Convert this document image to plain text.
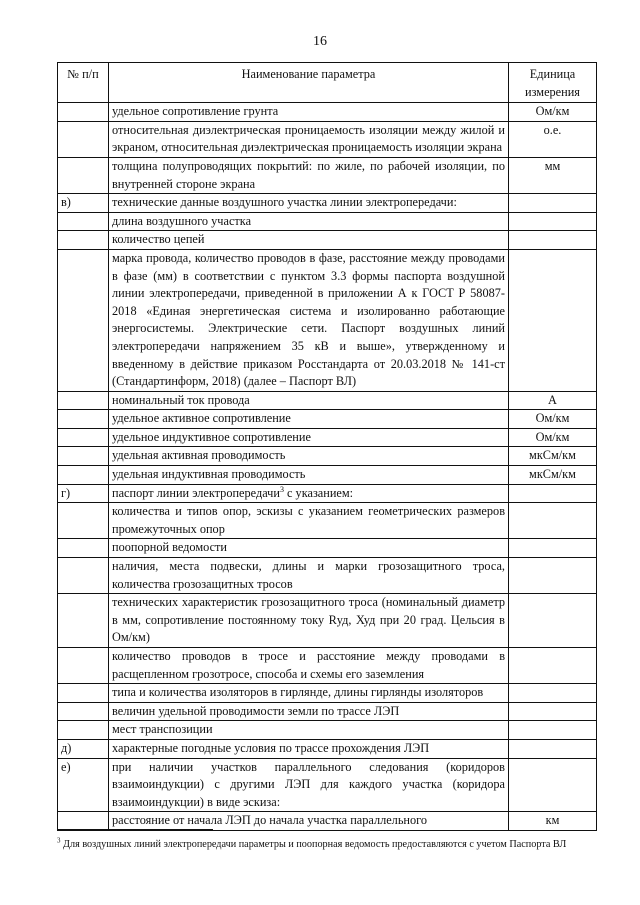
16
№ п/п	Наименование параметра	Единица измерения
	удельное сопротивление грунта	Ом/км
	относительная диэлектрическая проницаемость изоляции между жилой и экраном, относительная диэлектрическая проницаемость изоляции экрана	о.е.
	толщина полупроводящих покрытий: по жиле, по рабочей изоляции, по внутренней стороне экрана	мм
в)	технические данные воздушного участка линии электропередачи:	
	длина воздушного участка	
	количество цепей	
	марка провода, количество проводов в фазе, расстояние между проводами в фазе (мм) в соответствии с пунктом 3.3 формы паспорта воздушной линии электропередачи, приведенной в приложении А к ГОСТ Р 58087-2018 «Единая энергетическая система и изолированно работающие энергосистемы. Электрические сети. Паспорт воздушных линий электропередачи напряжением 35 кВ и выше», утвержденному и введенному в действие приказом Росстандарта от 20.03.2018 № 141-ст (Стандартинформ, 2018) (далее – Паспорт ВЛ)	
	номинальный ток провода	А
	удельное активное сопротивление	Ом/км
	удельное индуктивное сопротивление	Ом/км
	удельная активная проводимость	мкСм/км
	удельная индуктивная проводимость	мкСм/км
г)	паспорт линии электропередачи$^3$ с указанием:	
	количества и типов опор, эскизы с указанием геометрических размеров промежуточных опор	
	поопорной ведомости	
	наличия, места подвески, длины и марки грозозащитного троса, количества грозозащитных тросов	
	технических характеристик грозозащитного троса (номинальный диаметр в мм, сопротивление постоянному току Rуд, Худ при 20 град. Цельсия в Ом/км)	
	количество проводов в тросе и расстояние между проводами в расщепленном грозотросе, способа и схемы его заземления	
	типа и количества изоляторов в гирлянде, длины гирлянды изоляторов	
	величин удельной проводимости земли по трассе ЛЭП	
	мест транспозиции	
д)	характерные погодные условия по трассе прохождения ЛЭП	
е)	при наличии участков параллельного следования (коридоров взаимоиндукции) с другими ЛЭП для каждого участка (коридора взаимоиндукции) в виде эскиза:	
	расстояние от начала ЛЭП до начала участка параллельного	км
$^3$ Для воздушных линий электропередачи параметры и поопорная ведомость предоставляются с учетом Паспорта ВЛ
